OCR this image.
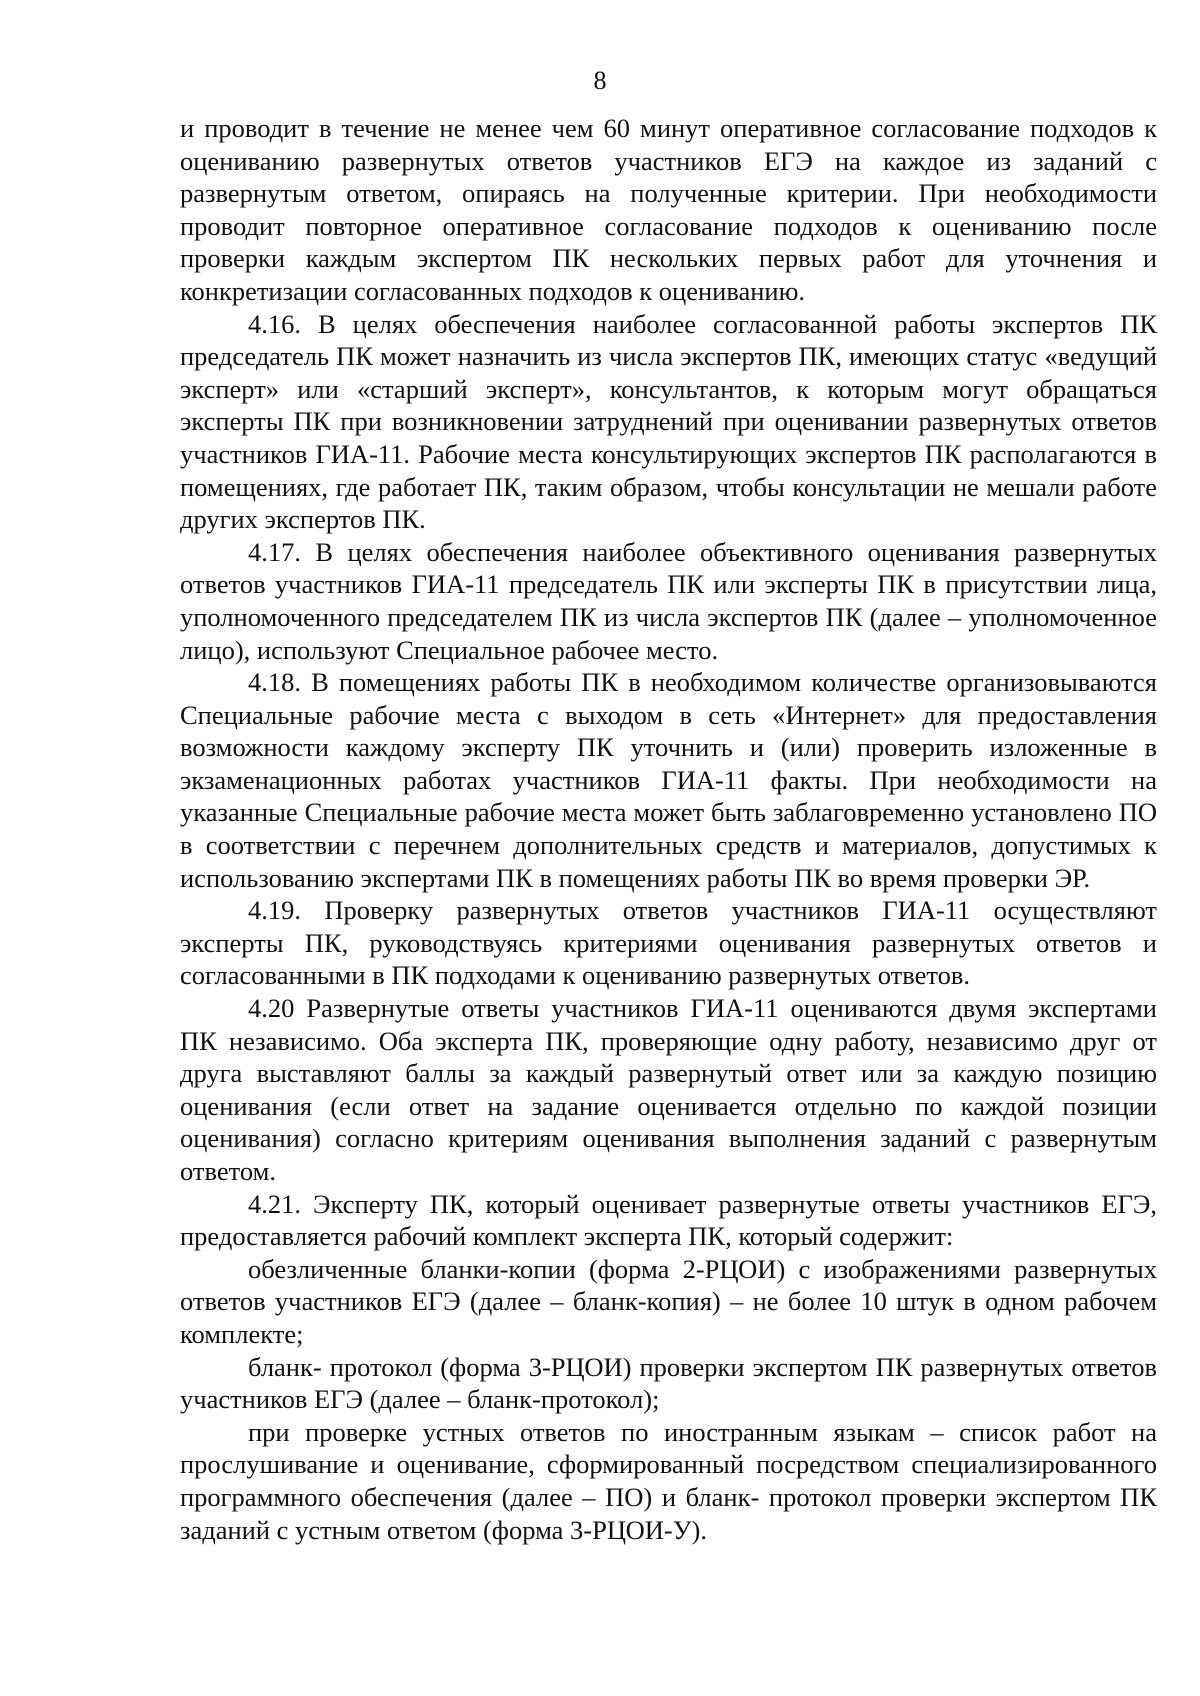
8

и проводит в течение не менее чем 60 минут оперативное согласование подходов к оцениванию развернутых ответов участников ЕГЭ на каждое из заданий с развернутым ответом, опираясь на полученные критерии. При необходимости проводит повторное оперативное согласование подходов к оцениванию после проверки каждым экспертом ПК нескольких первых работ для уточнения и конкретизации согласованных подходов к оцениванию.

4.16. В целях обеспечения наиболее согласованной работы экспертов ПК председатель ПК может назначить из числа экспертов ПК, имеющих статус «ведущий эксперт» или «старший эксперт», консультантов, к которым могут обращаться эксперты ПК при возникновении затруднений при оценивании развернутых ответов участников ГИА-11. Рабочие места консультирующих экспертов ПК располагаются в помещениях, где работает ПК, таким образом, чтобы консультации не мешали работе других экспертов ПК.

4.17. В целях обеспечения наиболее объективного оценивания развернутых ответов участников ГИА-11 председатель ПК или эксперты ПК в присутствии лица, уполномоченного председателем ПК из числа экспертов ПК (далее – уполномоченное лицо), используют Специальное рабочее место.

4.18. В помещениях работы ПК в необходимом количестве организовываются Специальные рабочие места с выходом в сеть «Интернет» для предоставления возможности каждому эксперту ПК уточнить и (или) проверить изложенные в экзаменационных работах участников ГИА-11 факты. При необходимости на указанные Специальные рабочие места может быть заблаговременно установлено ПО в соответствии с перечнем дополнительных средств и материалов, допустимых к использованию экспертами ПК в помещениях работы ПК во время проверки ЭР.

4.19. Проверку развернутых ответов участников ГИА-11 осуществляют эксперты ПК, руководствуясь критериями оценивания развернутых ответов и согласованными в ПК подходами к оцениванию развернутых ответов.

4.20 Развернутые ответы участников ГИА-11 оцениваются двумя экспертами ПК независимо. Оба эксперта ПК, проверяющие одну работу, независимо друг от друга выставляют баллы за каждый развернутый ответ или за каждую позицию оценивания (если ответ на задание оценивается отдельно по каждой позиции оценивания) согласно критериям оценивания выполнения заданий с развернутым ответом.

4.21. Эксперту ПК, который оценивает развернутые ответы участников ЕГЭ, предоставляется рабочий комплект эксперта ПК, который содержит:

обезличенные бланки-копии (форма 2-РЦОИ) с изображениями развернутых ответов участников ЕГЭ (далее – бланк-копия) – не более 10 штук в одном рабочем комплекте;

бланк- протокол (форма 3-РЦОИ) проверки экспертом ПК развернутых ответов участников ЕГЭ (далее – бланк-протокол);

при проверке устных ответов по иностранным языкам – список работ на прослушивание и оценивание, сформированный посредством специализированного программного обеспечения (далее – ПО) и бланк- протокол проверки экспертом ПК заданий с устным ответом (форма 3-РЦОИ-У).
